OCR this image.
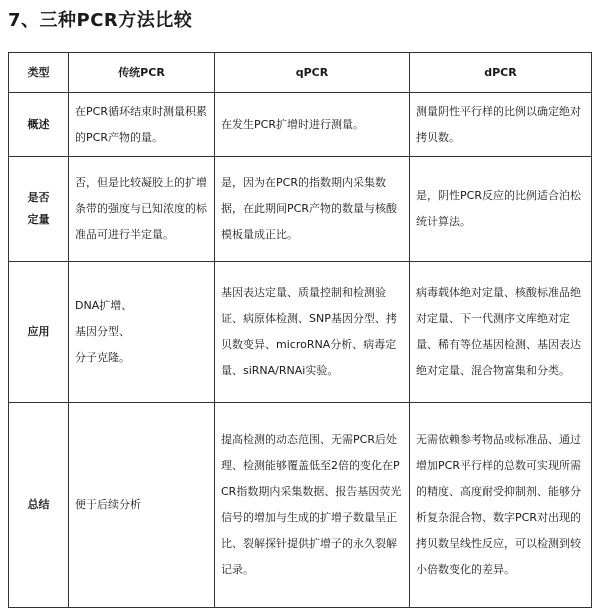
7、三种PCR方法比较
类型	传统PCR	qPCR	dPCR
概述	在PCR循环结束时测量积累的PCR产物的量。	在发生PCR扩增时进行测量。	测量阴性平行样的比例以确定绝对拷贝数。
是否
定量	否，但是比较凝胶上的扩增条带的强度与已知浓度的标准品可进行半定量。	是，因为在PCR的指数期内采集数据，在此期间PCR产物的数量与核酸模板量成正比。	是，阴性PCR反应的比例适合泊松统计算法。
应用	DNA扩增、
基因分型、
分子克隆。	基因表达定量、质量控制和检测验证、病原体检测、SNP基因分型、拷贝数变异、microRNA分析、病毒定量、siRNA/RNAi实验。	病毒载体绝对定量、核酸标准品绝对定量、下一代测序文库绝对定量、稀有等位基因检测、基因表达绝对定量、混合物富集和分类。
总结	便于后续分析	提高检测的动态范围、无需PCR后处理、检测能够覆盖低至2倍的变化在PCR指数期内采集数据、报告基因荧光信号的增加与生成的扩增子数量呈正比、裂解探针提供扩增子的永久裂解记录。	无需依赖参考物品或标准品、通过增加PCR平行样的总数可实现所需的精度、高度耐受抑制剂、能够分析复杂混合物、数字PCR对出现的拷贝数呈线性反应，可以检测到较小倍数变化的差异。
